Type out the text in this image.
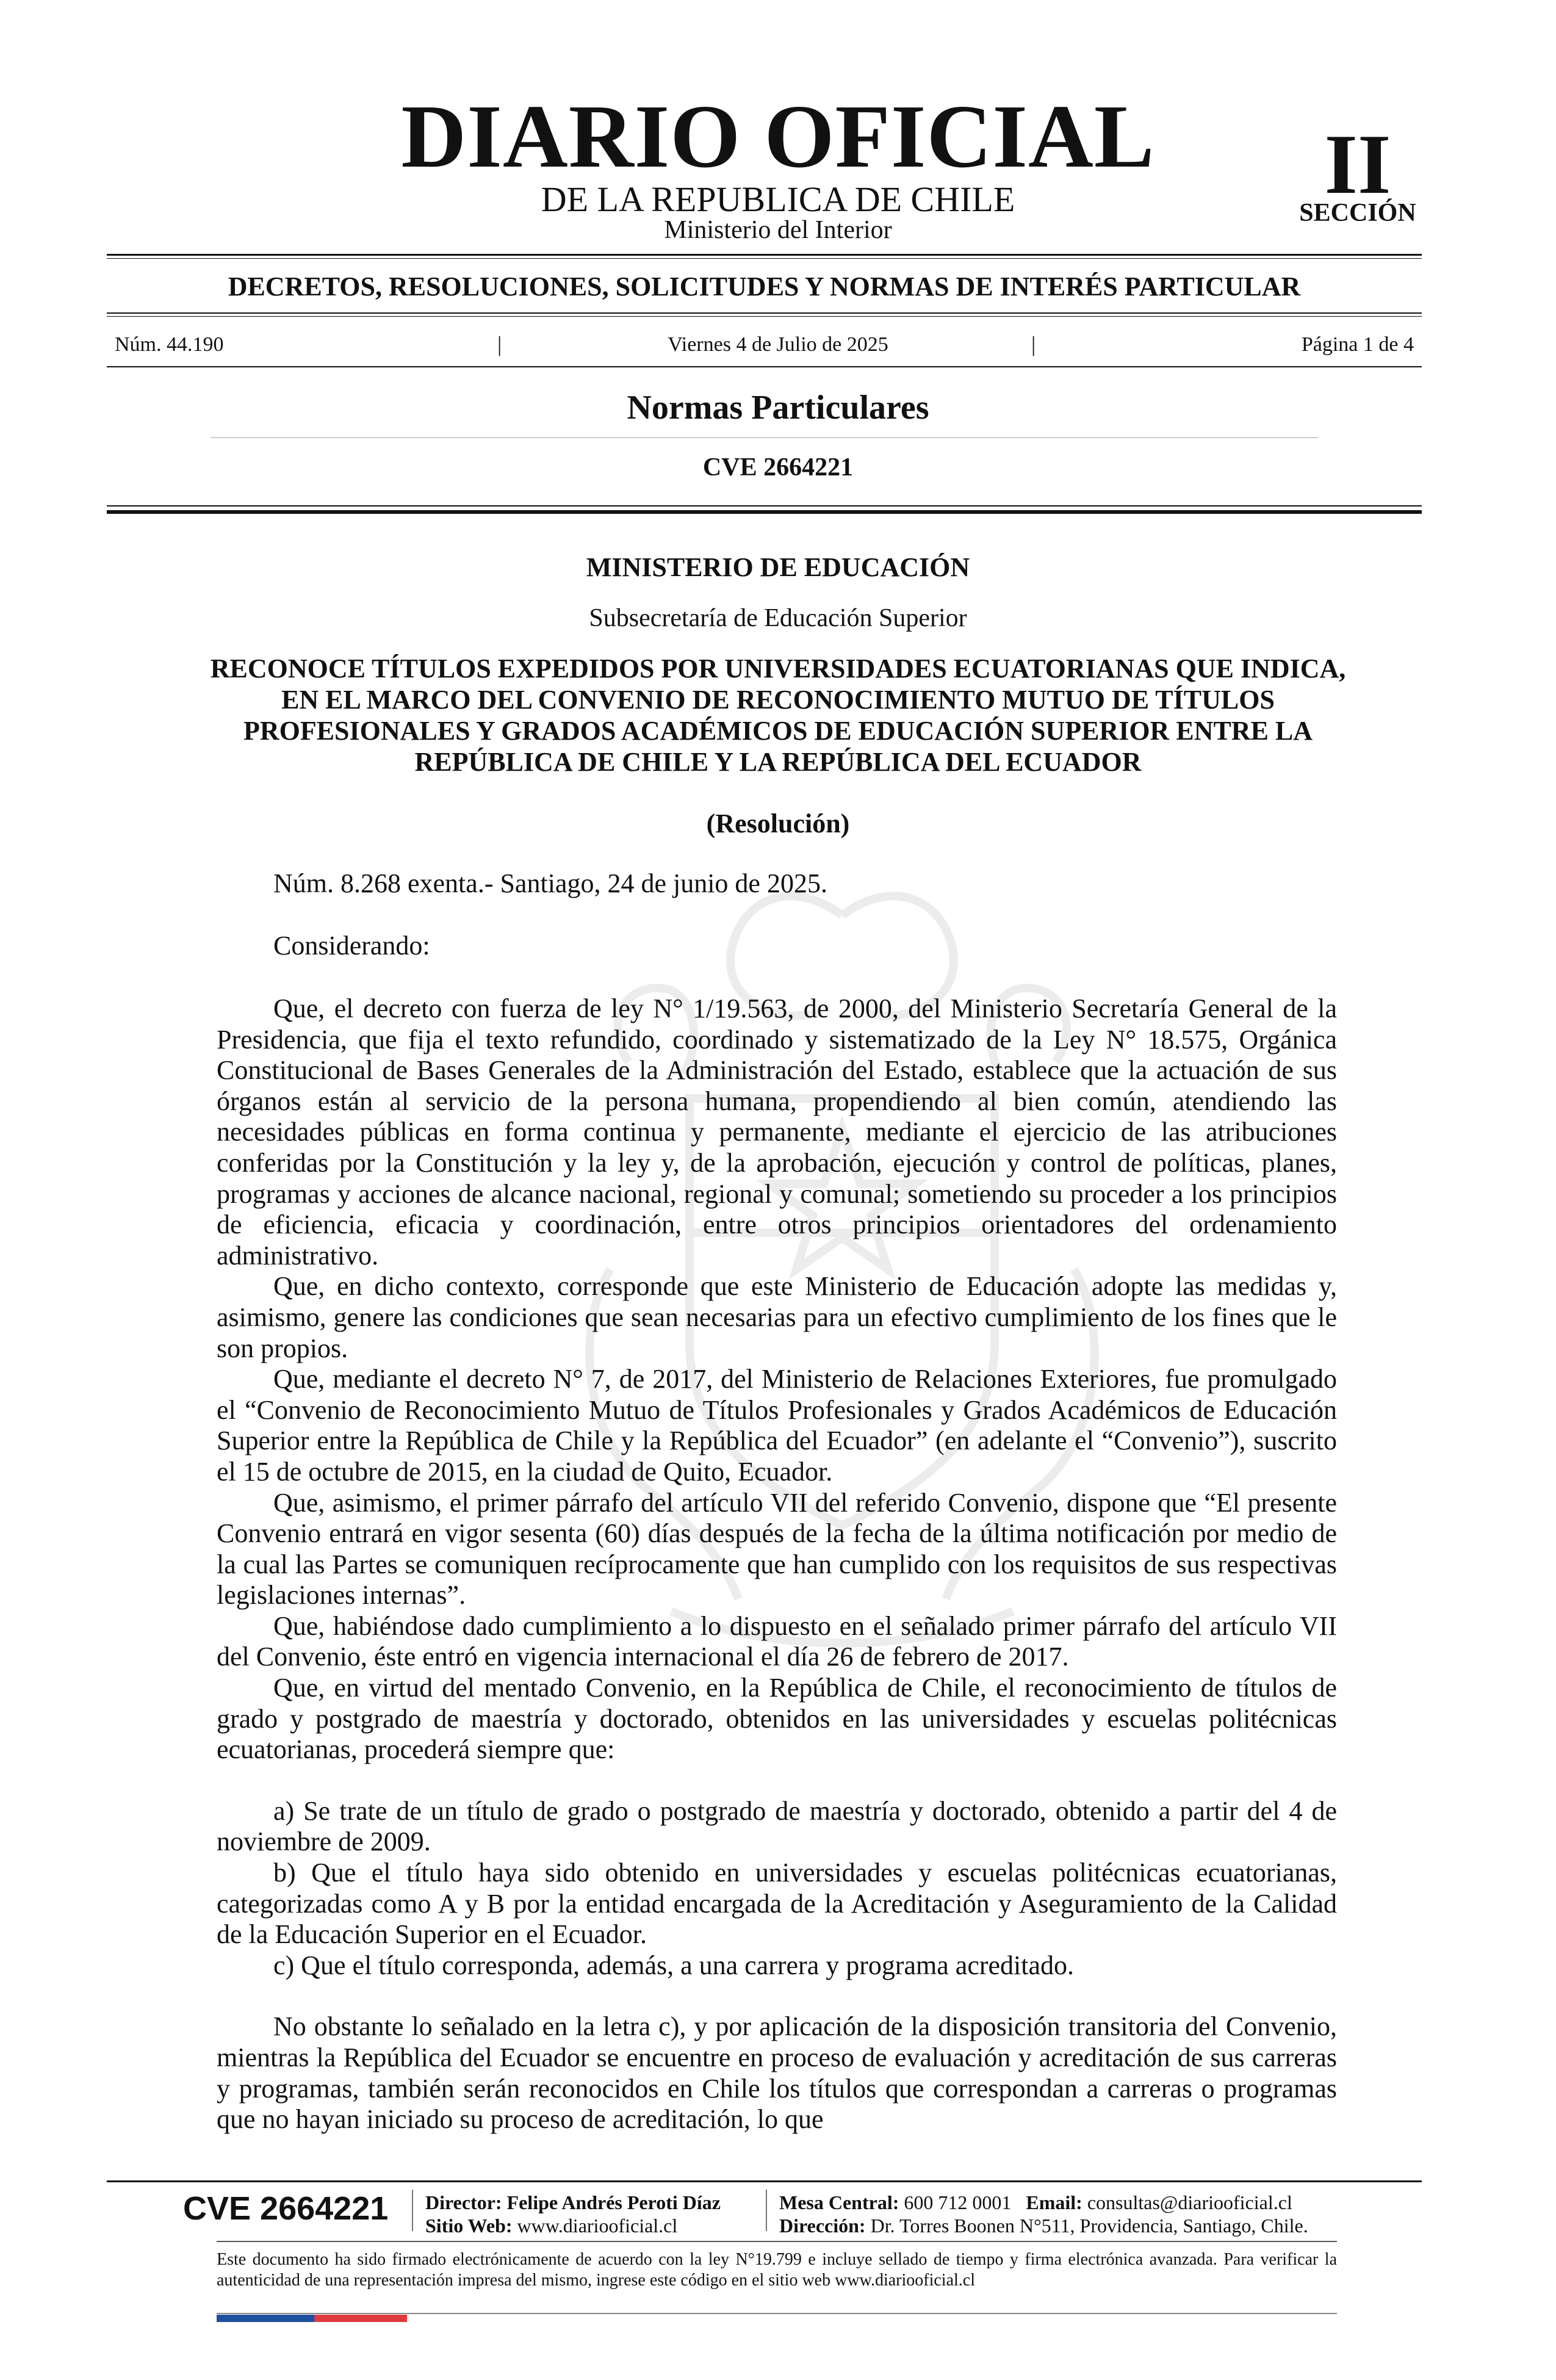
DIARIO OFICIAL
DE LA REPUBLICA DE CHILE
Ministerio del Interior
II
SECCIÓN
DECRETOS, RESOLUCIONES, SOLICITUDES Y NORMAS DE INTERÉS PARTICULAR
Núm. 44.190	|	Viernes 4 de Julio de 2025	|	Página 1 de 4
Normas Particulares
CVE 2664221
MINISTERIO DE EDUCACIÓN
Subsecretaría de Educación Superior
RECONOCE TÍTULOS EXPEDIDOS POR UNIVERSIDADES ECUATORIANAS QUE INDICA, EN EL MARCO DEL CONVENIO DE RECONOCIMIENTO MUTUO DE TÍTULOS PROFESIONALES Y GRADOS ACADÉMICOS DE EDUCACIÓN SUPERIOR ENTRE LA REPÚBLICA DE CHILE Y LA REPÚBLICA DEL ECUADOR
(Resolución)
Núm. 8.268 exenta.- Santiago, 24 de junio de 2025.
Considerando:

Que, el decreto con fuerza de ley N° 1/19.563, de 2000, del Ministerio Secretaría General de la Presidencia, que fija el texto refundido, coordinado y sistematizado de la Ley N° 18.575, Orgánica Constitucional de Bases Generales de la Administración del Estado, establece que la actuación de sus órganos están al servicio de la persona humana, propendiendo al bien común, atendiendo las necesidades públicas en forma continua y permanente, mediante el ejercicio de las atribuciones conferidas por la Constitución y la ley y, de la aprobación, ejecución y control de políticas, planes, programas y acciones de alcance nacional, regional y comunal; sometiendo su proceder a los principios de eficiencia, eficacia y coordinación, entre otros principios orientadores del ordenamiento administrativo.

Que, en dicho contexto, corresponde que este Ministerio de Educación adopte las medidas y, asimismo, genere las condiciones que sean necesarias para un efectivo cumplimiento de los fines que le son propios.

Que, mediante el decreto N° 7, de 2017, del Ministerio de Relaciones Exteriores, fue promulgado el “Convenio de Reconocimiento Mutuo de Títulos Profesionales y Grados Académicos de Educación Superior entre la República de Chile y la República del Ecuador” (en adelante el “Convenio”), suscrito el 15 de octubre de 2015, en la ciudad de Quito, Ecuador.

Que, asimismo, el primer párrafo del artículo VII del referido Convenio, dispone que “El presente Convenio entrará en vigor sesenta (60) días después de la fecha de la última notificación por medio de la cual las Partes se comuniquen recíprocamente que han cumplido con los requisitos de sus respectivas legislaciones internas”.

Que, habiéndose dado cumplimiento a lo dispuesto en el señalado primer párrafo del artículo VII del Convenio, éste entró en vigencia internacional el día 26 de febrero de 2017.

Que, en virtud del mentado Convenio, en la República de Chile, el reconocimiento de títulos de grado y postgrado de maestría y doctorado, obtenidos en las universidades y escuelas politécnicas ecuatorianas, procederá siempre que:

a) Se trate de un título de grado o postgrado de maestría y doctorado, obtenido a partir del 4 de noviembre de 2009.

b) Que el título haya sido obtenido en universidades y escuelas politécnicas ecuatorianas, categorizadas como A y B por la entidad encargada de la Acreditación y Aseguramiento de la Calidad de la Educación Superior en el Ecuador.

c) Que el título corresponda, además, a una carrera y programa acreditado.

No obstante lo señalado en la letra c), y por aplicación de la disposición transitoria del Convenio, mientras la República del Ecuador se encuentre en proceso de evaluación y acreditación de sus carreras y programas, también serán reconocidos en Chile los títulos que correspondan a carreras o programas que no hayan iniciado su proceso de acreditación, lo que

CVE 2664221 Director: Felipe Andrés Peroti Díaz
Sitio Web: www.diariooficial.cl
Mesa Central: 600 712 0001 Email: consultas@diariooficial.cl
Dirección: Dr. Torres Boonen N°511, Providencia, Santiago, Chile.
Este documento ha sido firmado electrónicamente de acuerdo con la ley N°19.799 e incluye sellado de tiempo y firma electrónica avanzada. Para verificar la autenticidad de una representación impresa del mismo, ingrese este código en el sitio web www.diariooficial.cl
